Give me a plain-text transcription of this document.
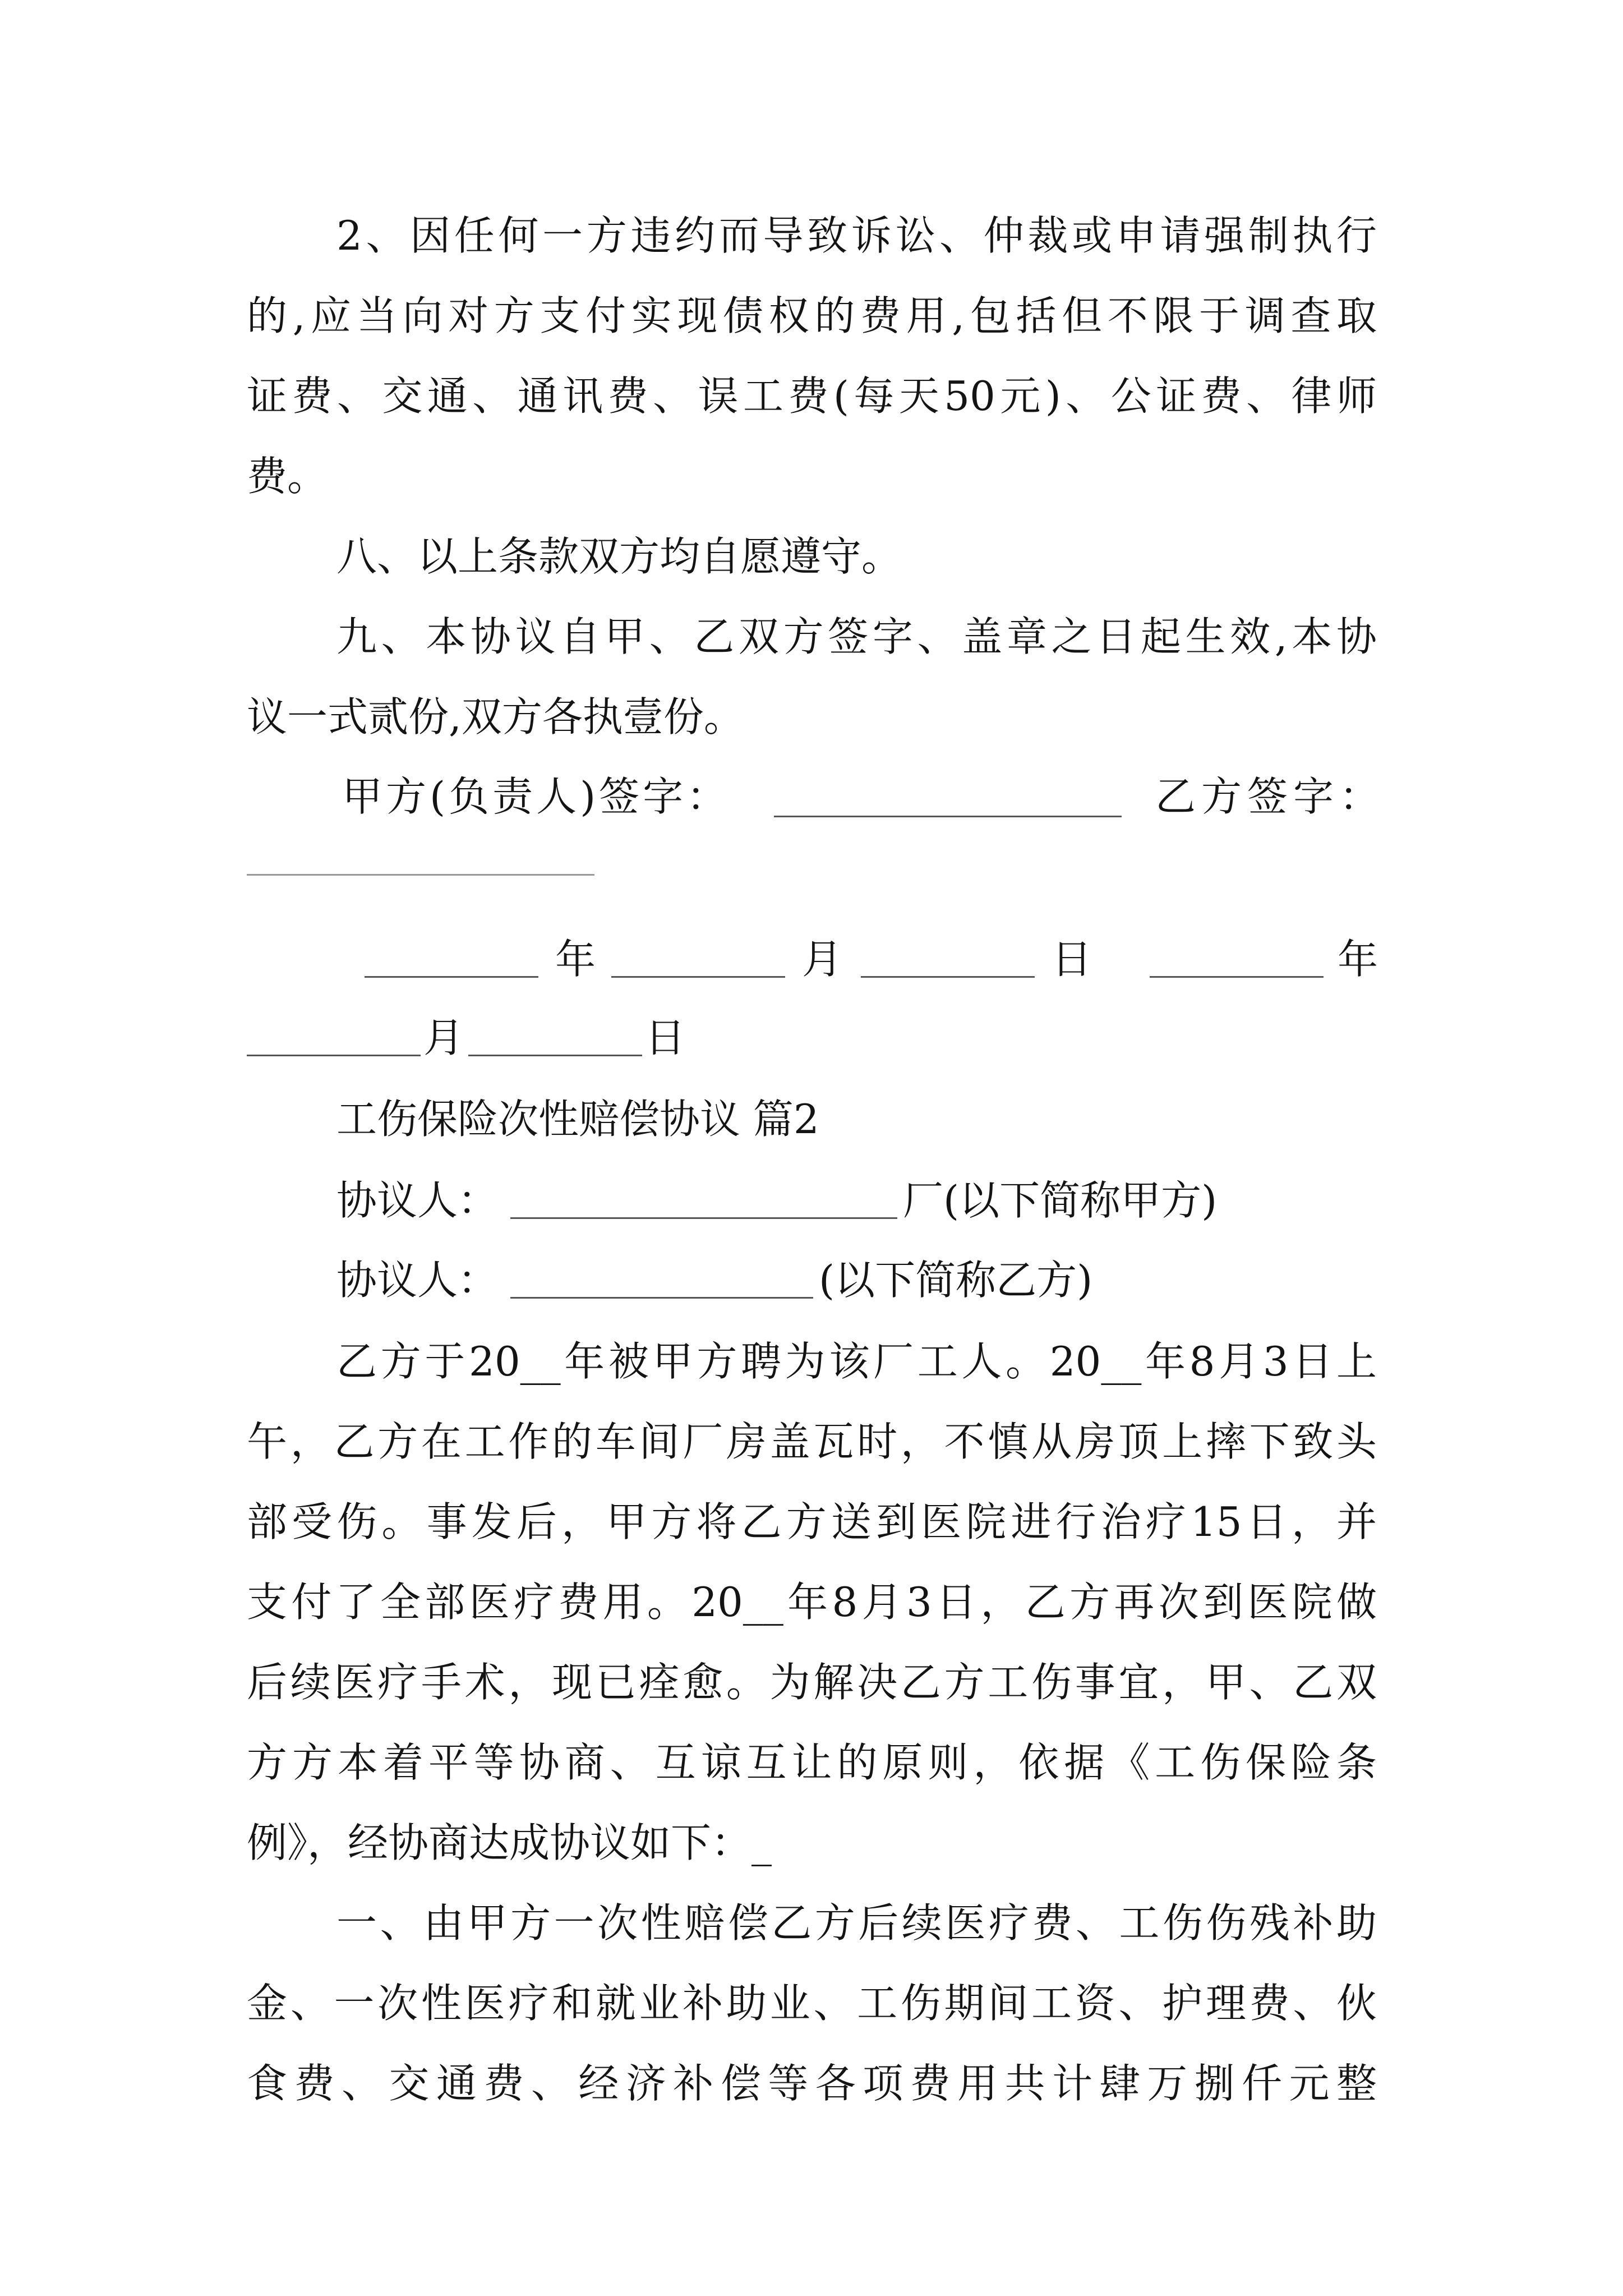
2、因任何一方违约而导致诉讼、仲裁或申请强制执行
的,应当向对方支付实现债权的费用,包括但不限于调查取
证费、交通、通讯费、误工费(每天50元)、公证费、律师
费。
八、以上条款双方均自愿遵守。
九、本协议自甲、乙双方签字、盖章之日起生效,本协
议一式贰份,双方各执壹份。
甲方(负责人)签字：	乙方签字：
年	月	日	年
月	日
工伤保险次性赔偿协议 篇2
协议人：	厂(以下简称甲方)
协议人：	(以下简称乙方)
乙方于20__年被甲方聘为该厂工人。20__年8月3日上
午，乙方在工作的车间厂房盖瓦时，不慎从房顶上摔下致头
部受伤。事发后，甲方将乙方送到医院进行治疗15日，并
支付了全部医疗费用。20__年8月3日，乙方再次到医院做
后续医疗手术，现已痊愈。为解决乙方工伤事宜，甲、乙双
方方本着平等协商、互谅互让的原则，依据《工伤保险条
例》，经协商达成协议如下：_
一、由甲方一次性赔偿乙方后续医疗费、工伤伤残补助
金、一次性医疗和就业补助业、工伤期间工资、护理费、伙
食费、交通费、经济补偿等各项费用共计肆万捌仟元整
